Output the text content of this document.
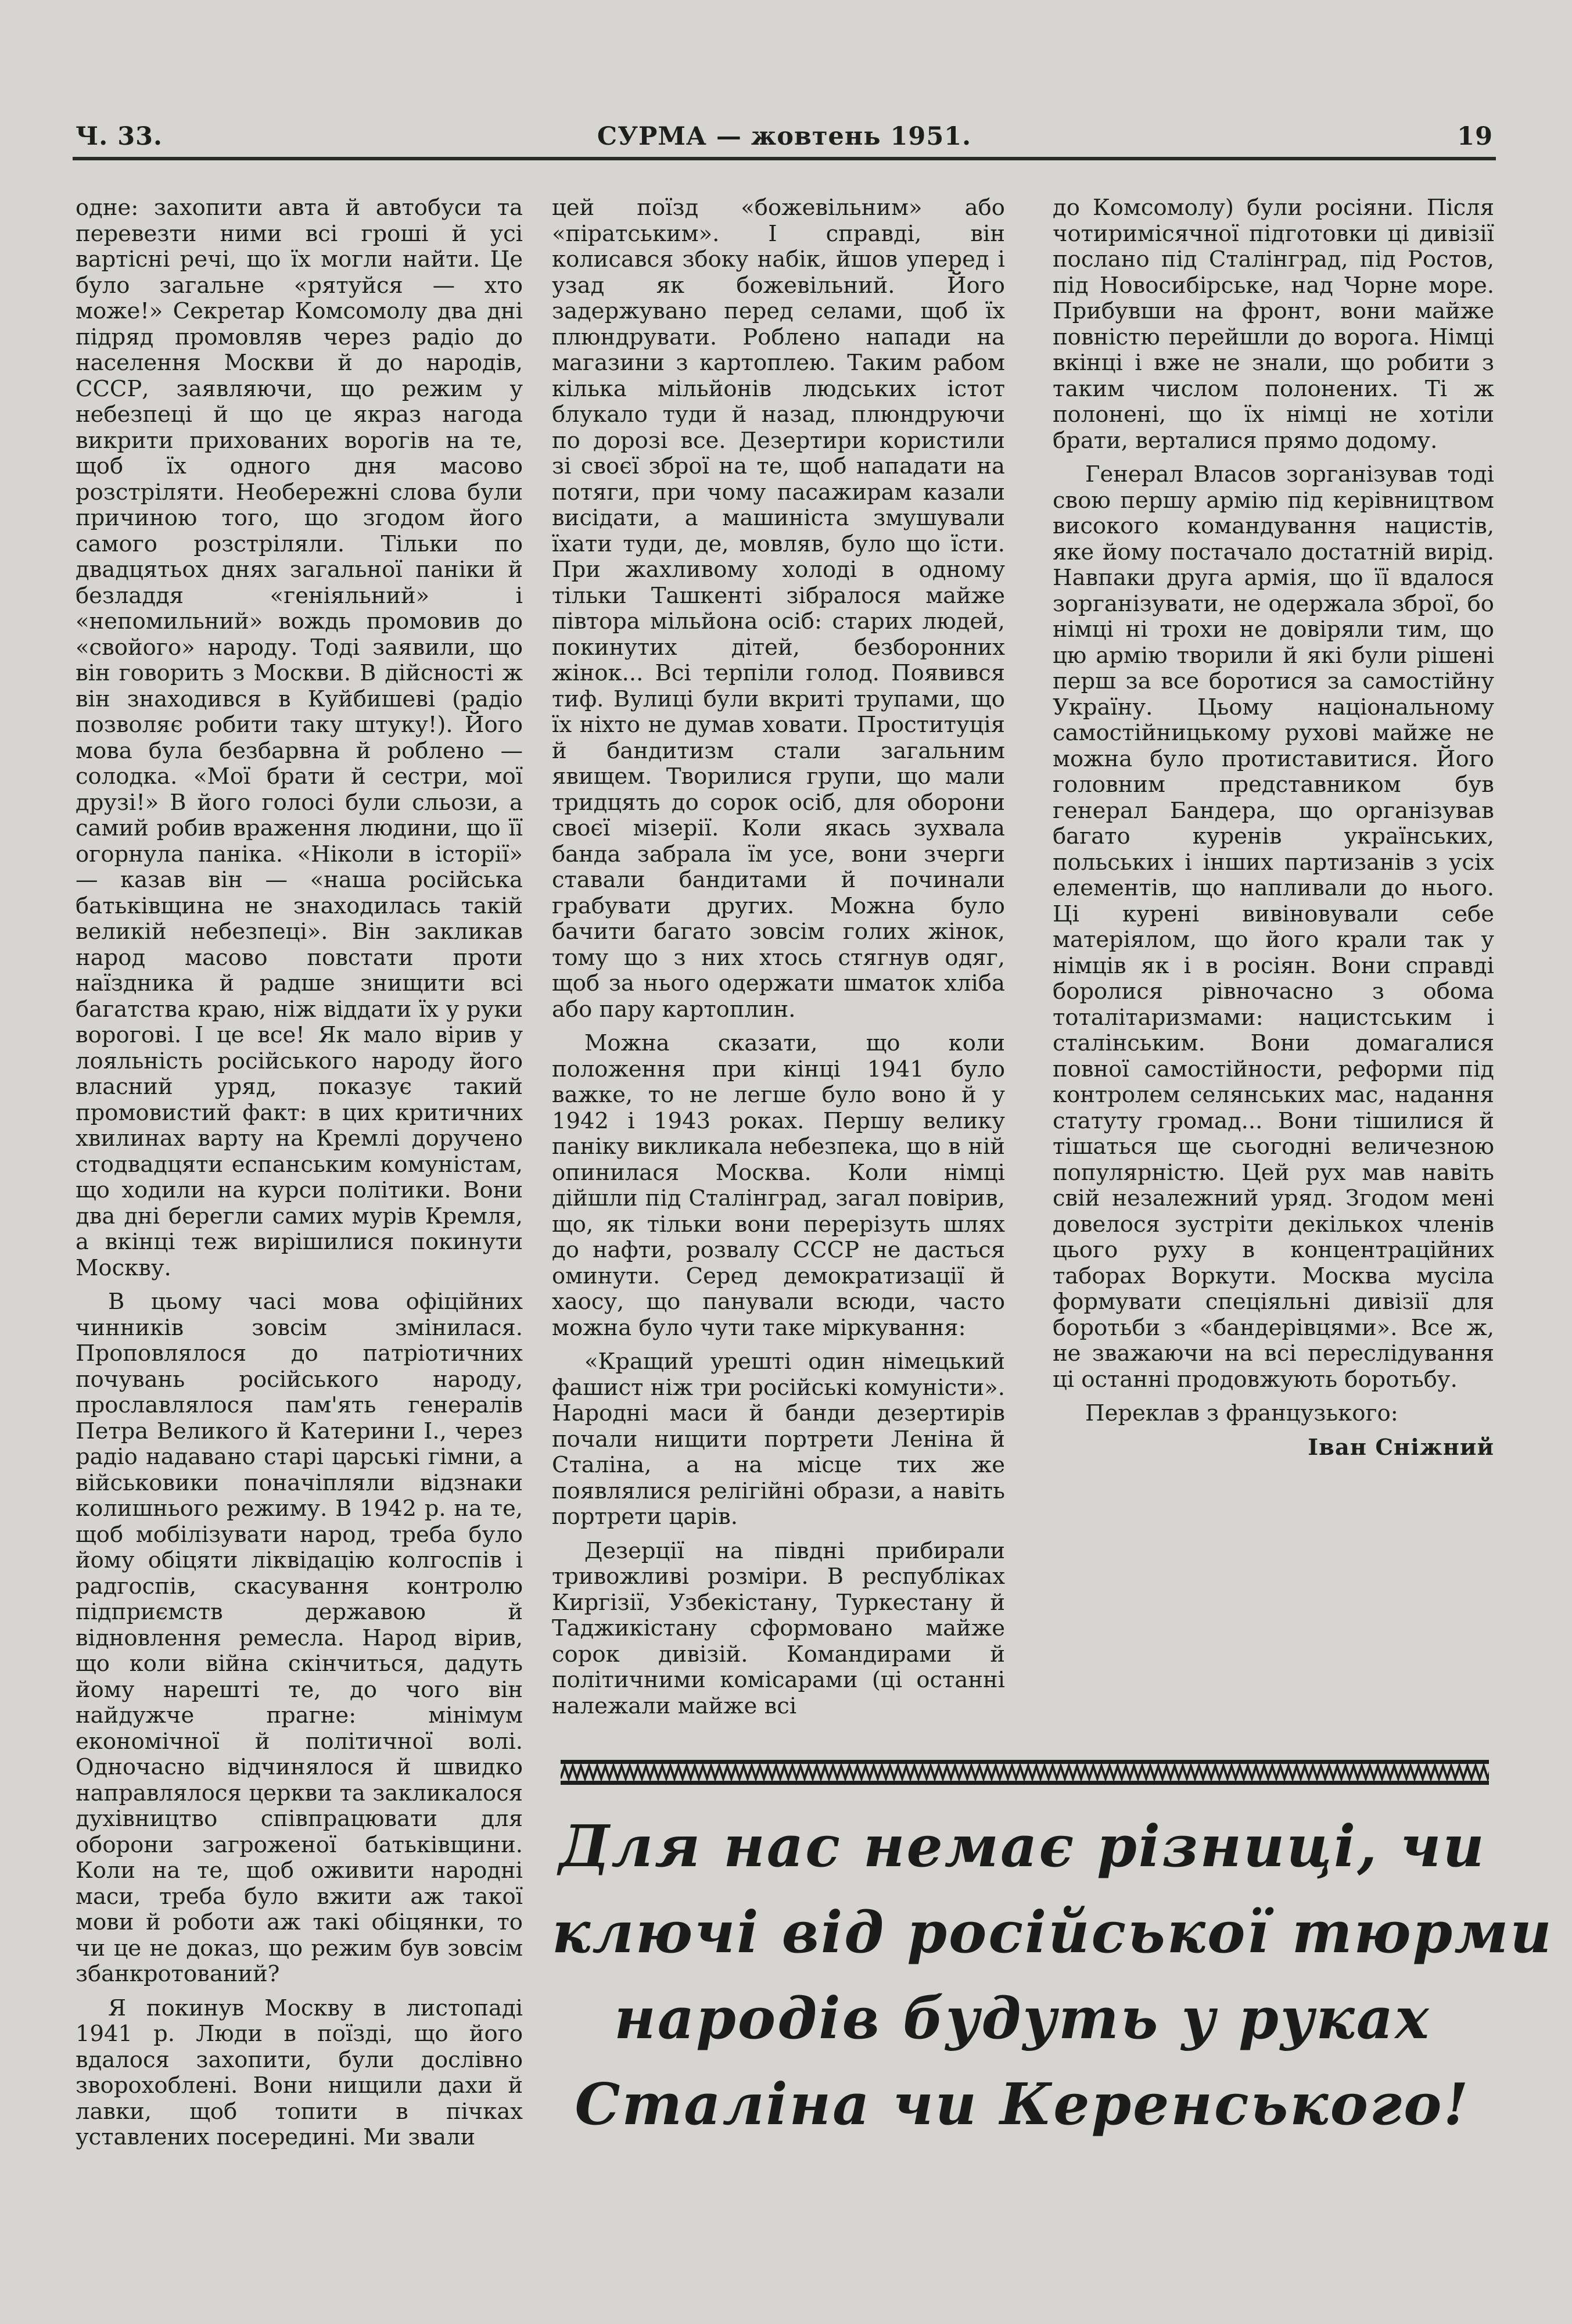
СУРМА — жовтень 1951.
Ч. 33.	19

одне: захопити авта й автобуси та перевезти ними всі гроші й усі вартісні речі, що їх могли найти. Це було загальне «рятуйся — хто може!» Секретар Комсомолу два дні підряд промовляв через радіо до населення Москви й до народів, СССР, заявляючи, що режим у небезпеці й що це якраз нагода викрити прихованих ворогів на те, щоб їх одного дня масово розстріляти. Необережні слова були причиною того, що згодом його самого розстріляли. Тільки по двадцятьох днях загальної паніки й безладдя «геніяльний» і «непомильний» вождь промовив до «свойого» народу. Тоді заявили, що він говорить з Москви. В дійсності ж він знаходився в Куйбишеві (радіо позволяє робити таку штуку!). Його мова була безбарвна й роблено — солодка. «Мої брати й сестри, мої друзі!» В його голосі були сльози, а самий робив враження людини, що її огорнула паніка. «Ніколи в історії» — казав він — «наша російська батьківщина не знаходилась такій великій небезпеці». Він закликав народ масово повстати проти наїздника й радше знищити всі багатства краю, ніж віддати їх у руки ворогові. І це все! Як мало вірив у лояльність російського народу його власний уряд, показує такий промовистий факт: в цих критичних хвилинах варту на Кремлі доручено стодвадцяти еспанським комуністам, що ходили на курси політики. Вони два дні берегли самих мурів Кремля, а вкінці теж вирішилися покинути Москву.

В цьому часі мова офіційних чинників зовсім змінилася. Проповлялося до патріотичних почувань російського народу, прославлялося пам'ять генералів Петра Великого й Катерини І., через радіо надавано старі царські гімни, а військовики поначіпляли відзнаки колишнього режиму. В 1942 р. на те, щоб мобілізувати народ, треба було йому обіцяти ліквідацію колгоспів і радгоспів, скасування контролю підприємств державою й відновлення ремесла. Народ вірив, що коли війна скінчиться, дадуть йому нарешті те, до чого він найдужче прагне: мінімум економічної й політичної волі. Одночасно відчинялося й швидко направлялося церкви та закликалося духівництво співпрацювати для оборони загроженої батьківщини. Коли на те, щоб оживити народні маси, треба було вжити аж такої мови й роботи аж такі обіцянки, то чи це не доказ, що режим був зовсім збанкротований?

Я покинув Москву в листопаді 1941 р. Люди в поїзді, що його вдалося захопити, були дослівно зворохоблені. Вони нищили дахи й лавки, щоб топити в пічках уставлених посередині. Ми звали

цей поїзд «божевільним» або «піратським». І справді, він колисався збоку набік, йшов уперед і узад як божевільний. Його задержувано перед селами, щоб їх плюндрувати. Роблено напади на магазини з картоплею. Таким рабом кілька мільйонів людських істот блукало туди й назад, плюндруючи по дорозі все. Дезертири користили зі своєї зброї на те, щоб нападати на потяги, при чому пасажирам казали висідати, а машиніста змушували їхати туди, де, мовляв, було що їсти. При жахливому холоді в одному тільки Ташкенті зібралося майже півтора мільйона осіб: старих людей, покинутих дітей, безборонних жінок... Всі терпіли голод. Появився тиф. Вулиці були вкриті трупами, що їх ніхто не думав ховати. Проституція й бандитизм стали загальним явищем. Творилися групи, що мали тридцять до сорок осіб, для оборони своєї мізерії. Коли якась зухвала банда забрала їм усе, вони зчерги ставали бандитами й починали грабувати других. Можна було бачити багато зовсім голих жінок, тому що з них хтось стягнув одяг, щоб за нього одержати шматок хліба або пару картоплин.

Можна сказати, що коли положення при кінці 1941 було важке, то не легше було воно й у 1942 і 1943 роках. Першу велику паніку викликала небезпека, що в ній опинилася Москва. Коли німці дійшли під Сталінград, загал повірив, що, як тільки вони перерізуть шлях до нафти, розвалу СССР не дасться оминути. Серед демократизації й хаосу, що панували всюди, часто можна було чути таке міркування:

«Кращий урешті один німецький фашист ніж три російські комуністи». Народні маси й банди дезертирів почали нищити портрети Леніна й Сталіна, а на місце тих же появлялися релігійні образи, а навіть портрети царів.

Дезерції на півдні прибирали тривожливі розміри. В республіках Киргізії, Узбекістану, Туркестану й Таджикістану сформовано майже сорок дивізій. Командирами й політичними комісарами (ці останні належали майже всі

до Комсомолу) були росіяни. Після чотиримісячної підготовки ці дивізії послано під Сталінград, під Ростов, під Новосибірське, над Чорне море. Прибувши на фронт, вони майже повністю перейшли до ворога. Німці вкінці і вже не знали, що робити з таким числом полонених. Ті ж полонені, що їх німці не хотіли брати, верталися прямо додому.

Генерал Власов зорганізував тоді свою першу армію під керівництвом високого командування нацистів, яке йому постачало достатній вирід. Навпаки друга армія, що її вдалося зорганізувати, не одержала зброї, бо німці ні трохи не довіряли тим, що цю армію творили й які були рішені перш за все боротися за самостійну Україну. Цьому національному самостійницькому рухові майже не можна було протиставитися. Його головним представником був генерал Бандера, що організував багато куренів українських, польських і інших партизанів з усіх елементів, що напливали до нього. Ці курені вивіновували себе матеріялом, що його крали так у німців як і в росіян. Вони справді боролися рівночасно з обома тоталітаризмами: нацистським і сталінським. Вони домагалися повної самостійности, реформи під контролем селянських мас, надання статуту громад... Вони тішилися й тішаться ще сьогодні величезною популярністю. Цей рух мав навіть свій незалежний уряд. Згодом мені довелося зустріти декількох членів цього руху в концентраційних таборах Воркути. Москва мусіла формувати спеціяльні дивізії для боротьби з «бандерівцями». Все ж, не зважаючи на всі переслідування ці останні продовжують боротьбу.

Переклав з французького:

Іван Сніжний

Для нас немає різниці, чи
ключі від російської тюрми
народів будуть у руках
Сталіна чи Керенського!
